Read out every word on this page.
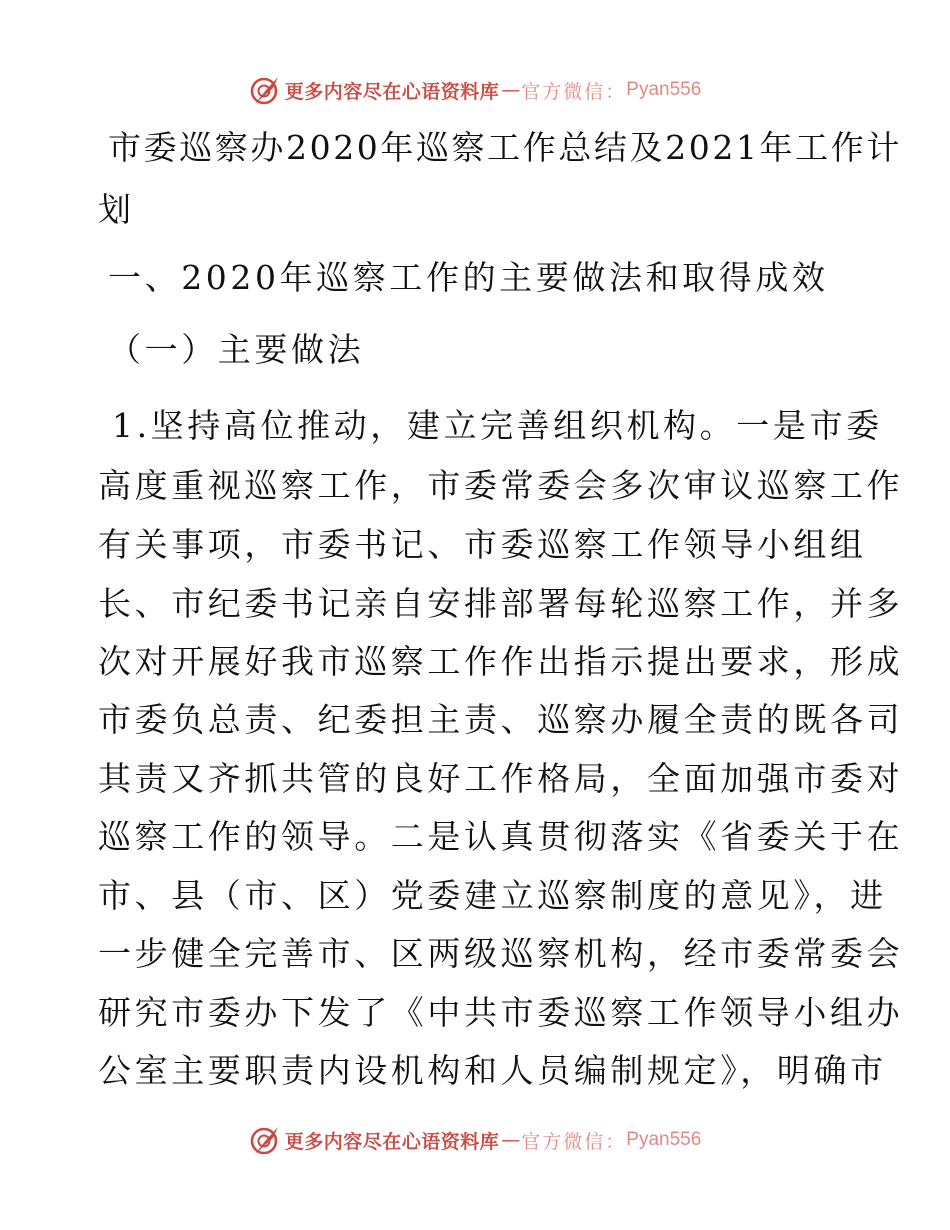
更多内容尽在心语资料库 — 官方微信 ： Pyan556
市委巡察办2020年巡察工作总结及2021年工作计
划
一、2020年巡察工作的主要做法和取得成效
（一）主要做法
1.坚持高位推动，建立完善组织机构。一是市委
高度重视巡察工作，市委常委会多次审议巡察工作
有关事项，市委书记、市委巡察工作领导小组组
长、市纪委书记亲自安排部署每轮巡察工作，并多
次对开展好我市巡察工作作出指示提出要求，形成
市委负总责、纪委担主责、巡察办履全责的既各司
其责又齐抓共管的良好工作格局，全面加强市委对
巡察工作的领导。二是认真贯彻落实《省委关于在
市、县（市、区）党委建立巡察制度的意见》，进
一步健全完善市、区两级巡察机构，经市委常委会
研究市委办下发了《中共市委巡察工作领导小组办
公室主要职责内设机构和人员编制规定》，明确市
更多内容尽在心语资料库 — 官方微信 ： Pyan556
